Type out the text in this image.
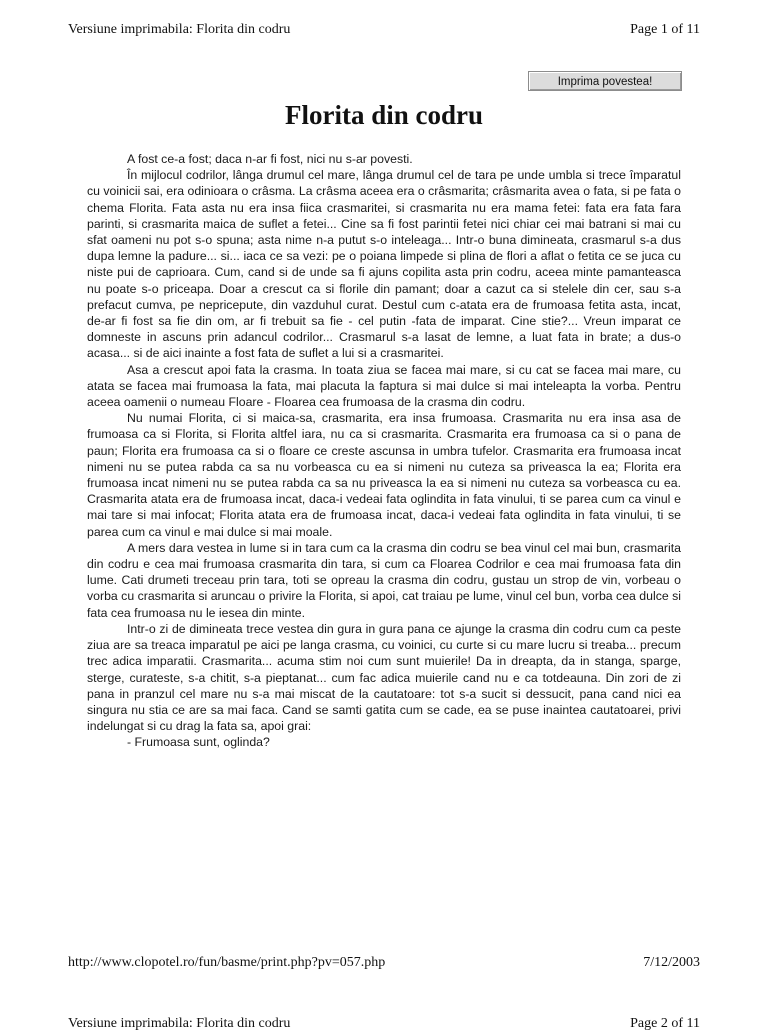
Versiune imprimabila: Florita din codru	Page 1 of 11
Imprima povestea!
Florita din codru

A fost ce-a fost; daca n-ar fi fost, nici nu s-ar povesti.

În mijlocul codrilor, lânga drumul cel mare, lânga drumul cel de tara pe unde umbla si trece împaratul cu voinicii sai, era odinioara o crâsma. La crâsma aceea era o crâsmarita; crâsmarita avea o fata, si pe fata o chema Florita. Fata asta nu era insa fiica crasmaritei, si crasmarita nu era mama fetei: fata era fata fara parinti, si crasmarita maica de suflet a fetei... Cine sa fi fost parintii fetei nici chiar cei mai batrani si mai cu sfat oameni nu pot s-o spuna; asta nime n-a putut s-o inteleaga... Intr-o buna dimineata, crasmarul s-a dus dupa lemne la padure... si... iaca ce sa vezi: pe o poiana limpede si plina de flori a aflat o fetita ce se juca cu niste pui de caprioara. Cum, cand si de unde sa fi ajuns copilita asta prin codru, aceea minte pamanteasca nu poate s-o priceapa. Doar a crescut ca si florile din pamant; doar a cazut ca si stelele din cer, sau s-a prefacut cumva, pe nepricepute, din vazduhul curat. Destul cum c-atata era de frumoasa fetita asta, incat, de-ar fi fost sa fie din om, ar fi trebuit sa fie - cel putin -fata de imparat. Cine stie?... Vreun imparat ce domneste in ascuns prin adancul codrilor... Crasmarul s-a lasat de lemne, a luat fata in brate; a dus-o acasa... si de aici inainte a fost fata de suflet a lui si a crasmaritei.

Asa a crescut apoi fata la crasma. In toata ziua se facea mai mare, si cu cat se facea mai mare, cu atata se facea mai frumoasa la fata, mai placuta la faptura si mai dulce si mai inteleapta la vorba. Pentru aceea oamenii o numeau Floare - Floarea cea frumoasa de la crasma din codru.

Nu numai Florita, ci si maica-sa, crasmarita, era insa frumoasa. Crasmarita nu era insa asa de frumoasa ca si Florita, si Florita altfel iara, nu ca si crasmarita. Crasmarita era frumoasa ca si o pana de paun; Florita era frumoasa ca si o floare ce creste ascunsa in umbra tufelor. Crasmarita era frumoasa incat nimeni nu se putea rabda ca sa nu vorbeasca cu ea si nimeni nu cuteza sa priveasca la ea; Florita era frumoasa incat nimeni nu se putea rabda ca sa nu priveasca la ea si nimeni nu cuteza sa vorbeasca cu ea. Crasmarita atata era de frumoasa incat, daca-i vedeai fata oglindita in fata vinului, ti se parea cum ca vinul e mai tare si mai infocat; Florita atata era de frumoasa incat, daca-i vedeai fata oglindita in fata vinului, ti se parea cum ca vinul e mai dulce si mai moale.

A mers dara vestea in lume si in tara cum ca la crasma din codru se bea vinul cel mai bun, crasmarita din codru e cea mai frumoasa crasmarita din tara, si cum ca Floarea Codrilor e cea mai frumoasa fata din lume. Cati drumeti treceau prin tara, toti se opreau la crasma din codru, gustau un strop de vin, vorbeau o vorba cu crasmarita si aruncau o privire la Florita, si apoi, cat traiau pe lume, vinul cel bun, vorba cea dulce si fata cea frumoasa nu le iesea din minte.

Intr-o zi de dimineata trece vestea din gura in gura pana ce ajunge la crasma din codru cum ca peste ziua are sa treaca imparatul pe aici pe langa crasma, cu voinici, cu curte si cu mare lucru si treaba... precum trec adica imparatii. Crasmarita... acuma stim noi cum sunt muierile! Da in dreapta, da in stanga, sparge, sterge, curateste, s-a chitit, s-a pieptanat... cum fac adica muierile cand nu e ca totdeauna. Din zori de zi pana in pranzul cel mare nu s-a mai miscat de la cautatoare: tot s-a sucit si dessucit, pana cand nici ea singura nu stia ce are sa mai faca. Cand se samti gatita cum se cade, ea se puse inaintea cautatoarei, privi indelungat si cu drag la fata sa, apoi grai:

- Frumoasa sunt, oglinda?

http://www.clopotel.ro/fun/basme/print.php?pv=057.php	7/12/2003
Versiune imprimabila: Florita din codru	Page 2 of 11
